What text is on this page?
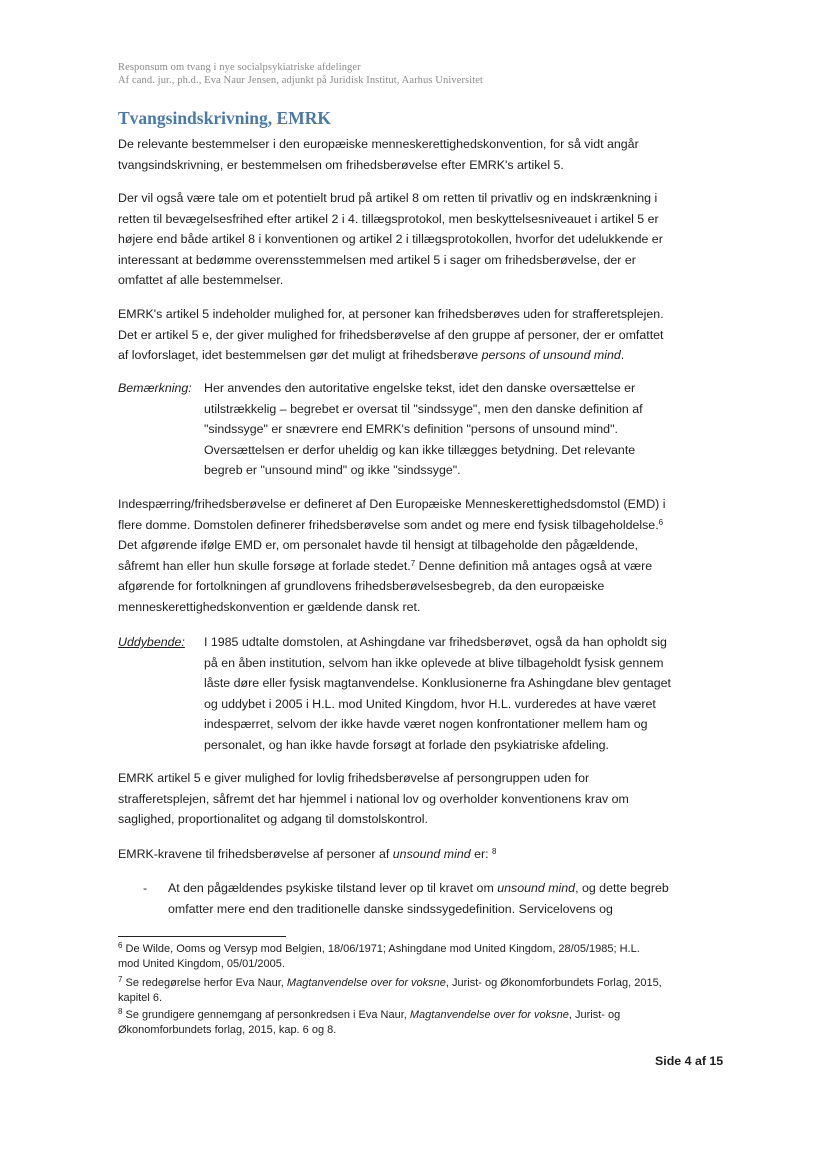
Responsum om tvang i nye socialpsykiatriske afdelinger
Af cand. jur., ph.d., Eva Naur Jensen, adjunkt på Juridisk Institut, Aarhus Universitet
Tvangsindskrivning, EMRK
De relevante bestemmelser i den europæiske menneskerettighedskonvention, for så vidt angår
tvangsindskrivning, er bestemmelsen om frihedsberøvelse efter EMRK's artikel 5.
Der vil også være tale om et potentielt brud på artikel 8 om retten til privatliv og en indskrænkning i
retten til bevægelsesfrihed efter artikel 2 i 4. tillægsprotokol, men beskyttelsesniveauet i artikel 5 er
højere end både artikel 8 i konventionen og artikel 2 i tillægsprotokollen, hvorfor det udelukkende er
interessant at bedømme overensstemmelsen med artikel 5 i sager om frihedsberøvelse, der er
omfattet af alle bestemmelser.
EMRK's artikel 5 indeholder mulighed for, at personer kan frihedsberøves uden for strafferetsplejen.
Det er artikel 5 e, der giver mulighed for frihedsberøvelse af den gruppe af personer, der er omfattet
af lovforslaget, idet bestemmelsen gør det muligt at frihedsberøve persons of unsound mind.
Bemærkning: Her anvendes den autoritative engelske tekst, idet den danske oversættelse er
utilstrækkelig – begrebet er oversat til "sindssyge", men den danske definition af
"sindssyge" er snævrere end EMRK's definition "persons of unsound mind".
Oversættelsen er derfor uheldig og kan ikke tillægges betydning. Det relevante
begreb er "unsound mind" og ikke "sindssyge".
Indespærring/frihedsberøvelse er defineret af Den Europæiske Menneskerettighedsdomstol (EMD) i
flere domme. Domstolen definerer frihedsberøvelse som andet og mere end fysisk tilbageholdelse.$^6$
Det afgørende ifølge EMD er, om personalet havde til hensigt at tilbageholde den pågældende,
såfremt han eller hun skulle forsøge at forlade stedet.$^7$ Denne definition må antages også at være
afgørende for fortolkningen af grundlovens frihedsberøvelsesbegreb, da den europæiske
menneskerettighedskonvention er gældende dansk ret.
Uddybende: I 1985 udtalte domstolen, at Ashingdane var frihedsberøvet, også da han opholdt sig
på en åben institution, selvom han ikke oplevede at blive tilbageholdt fysisk gennem
låste døre eller fysisk magtanvendelse. Konklusionerne fra Ashingdane blev gentaget
og uddybet i 2005 i H.L. mod United Kingdom, hvor H.L. vurderedes at have været
indespærret, selvom der ikke havde været nogen konfrontationer mellem ham og
personalet, og han ikke havde forsøgt at forlade den psykiatriske afdeling.
EMRK artikel 5 e giver mulighed for lovlig frihedsberøvelse af persongruppen uden for
strafferetsplejen, såfremt det har hjemmel i national lov og overholder konventionens krav om
saglighed, proportionalitet og adgang til domstolskontrol.
EMRK-kravene til frihedsberøvelse af personer af unsound mind er: $^8$
- At den pågældendes psykiske tilstand lever op til kravet om unsound mind, og dette begreb
omfatter mere end den traditionelle danske sindssygedefinition. Servicelovens og
$^6$ De Wilde, Ooms og Versyp mod Belgien, 18/06/1971; Ashingdane mod United Kingdom, 28/05/1985; H.L.
mod United Kingdom, 05/01/2005.
$^7$ Se redegørelse herfor Eva Naur, Magtanvendelse over for voksne, Jurist- og Økonomforbundets Forlag, 2015,
kapitel 6.
$^8$ Se grundigere gennemgang af personkredsen i Eva Naur, Magtanvendelse over for voksne, Jurist- og
Økonomforbundets forlag, 2015, kap. 6 og 8.
Side 4 af 15
